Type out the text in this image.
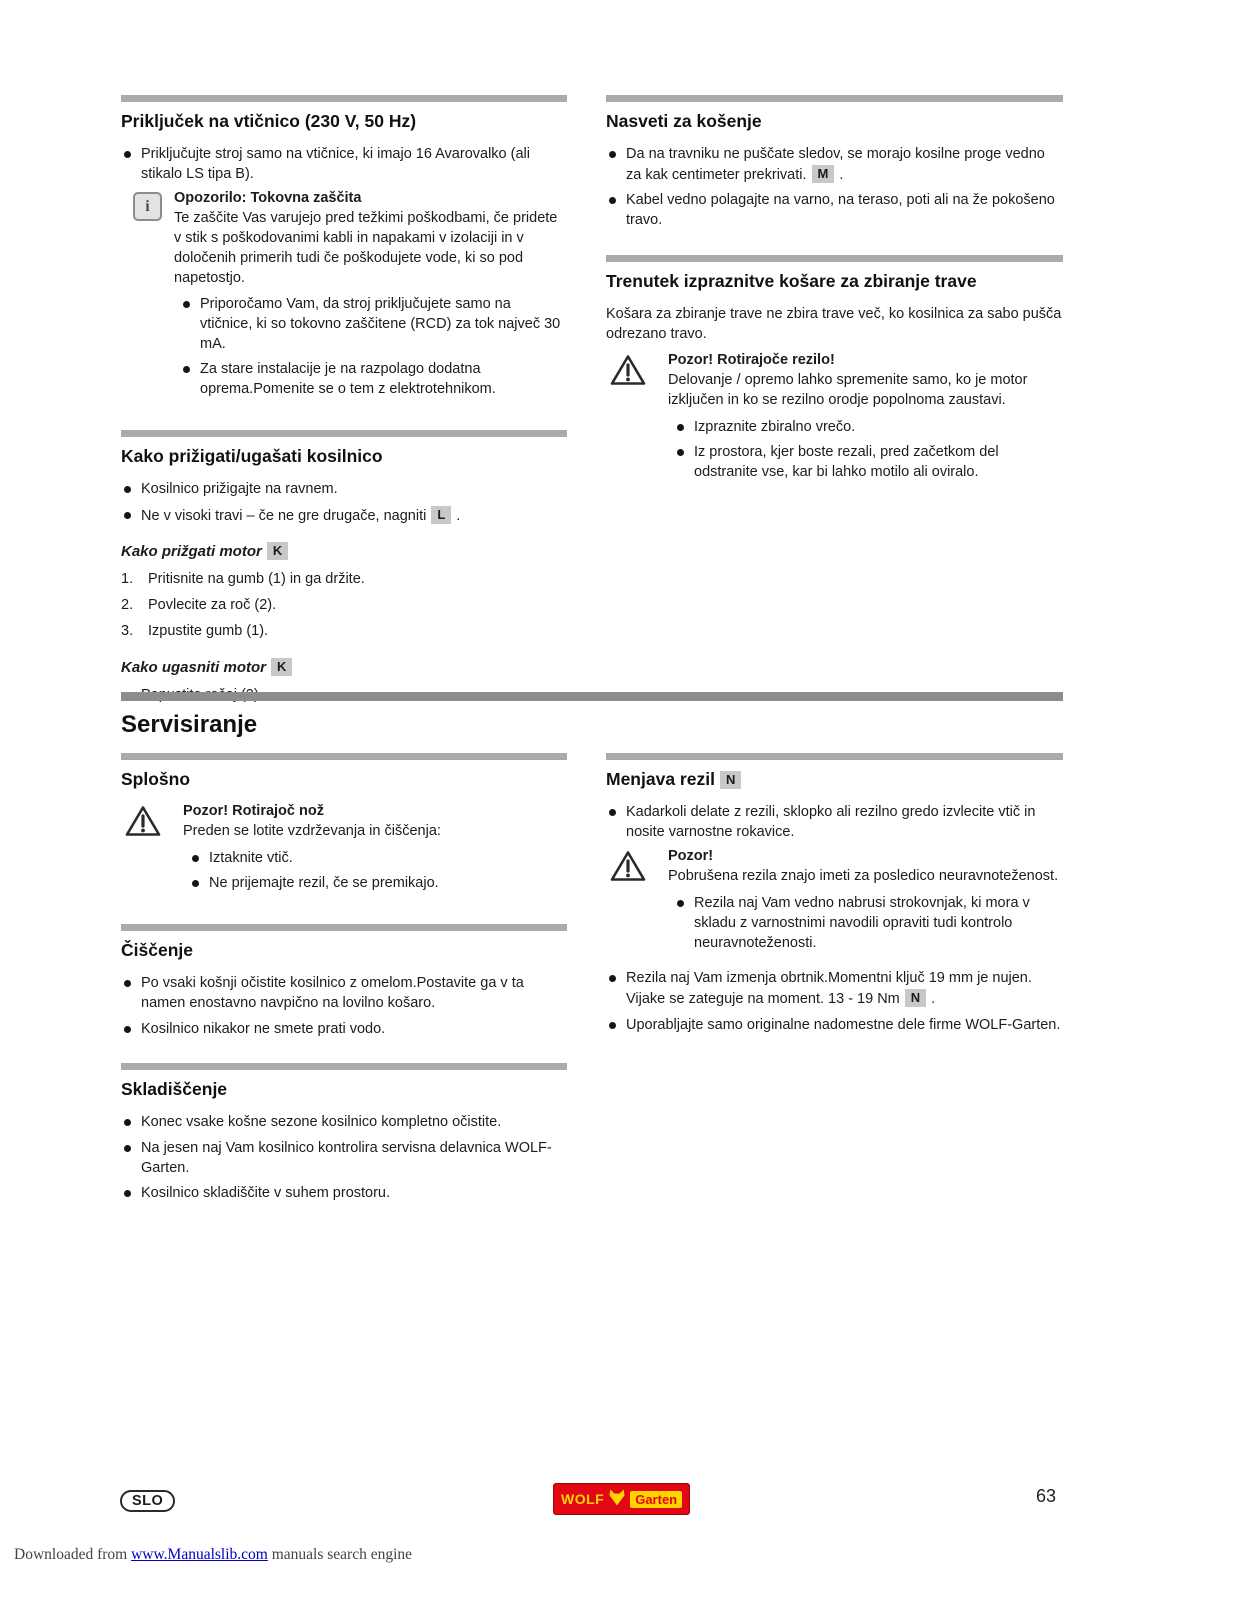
Priključek na vtičnico (230 V, 50 Hz)
Priključujte stroj samo na vtičnice, ki imajo 16 Avarovalko (ali stikalo LS tipa B).
i	Opozorilo: Tokovna zaščita
Te zaščite Vas varujejo pred težkimi poškodbami, če pridete v stik s poškodovanimi kabli in napakami v izolaciji in v določenih primerih tudi če poškodujete vode, ki so pod napetostjo.
Priporočamo Vam, da stroj priključujete samo na vtičnice, ki so tokovno zaščitene (RCD) za tok največ 30 mA.
Za stare instalacije je na razpolago dodatna oprema.Pomenite se o tem z elektrotehnikom.
Kako prižigati/ugašati kosilnico
Kosilnico prižigajte na ravnem.
Ne v visoki travi – če ne gre drugače, nagniti L .
Kako prižgati motor K
1.	Pritisnite na gumb (1) in ga držite.
2.	Povlecite za roč (2).
3.	Izpustite gumb (1).
Kako ugasniti motor K
Nasveti za košenje
Da na travniku ne puščate sledov, se morajo kosilne proge vedno za kak centimeter prekrivati. M .
Kabel vedno polagajte na varno, na teraso, poti ali na že pokošeno travo.
Trenutek izpraznitve košare za zbiranje trave

Košara za zbiranje trave ne zbira trave več, ko kosilnica za sabo pušča odrezano travo.

Pozor! Rotirajoče rezilo!
Delovanje / opremo lahko spremenite samo, ko je motor izključen in ko se rezilno orodje popolnoma zaustavi.
Izpraznite zbiralno vrečo.
Iz prostora, kjer boste rezali, pred začetkom del odstranite vse, kar bi lahko motilo ali oviralo.
Servisiranje
Splošno
Pozor! Rotirajoč nož
Preden se lotite vzdrževanja in čiščenja:
Iztaknite vtič.
Ne prijemajte rezil, če se premikajo.
Čiščenje
Po vsaki košnji očistite kosilnico z omelom.Postavite ga v ta namen enostavno navpično na lovilno košaro.
Kosilnico nikakor ne smete prati vodo.
Skladiščenje
Konec vsake košne sezone kosilnico kompletno očistite.
Na jesen naj Vam kosilnico kontrolira servisna delavnica WOLF-Garten.
Kosilnico skladiščite v suhem prostoru.
Menjava rezil N
Kadarkoli delate z rezili, sklopko ali rezilno gredo izvlecite vtič in nosite varnostne rokavice.
Pozor!
Pobrušena rezila znajo imeti za posledico neuravnoteženost.
Rezila naj Vam vedno nabrusi strokovnjak, ki mora v skladu z varnostnimi navodili opraviti tudi kontrolo neuravnoteženosti.
Rezila naj Vam izmenja obrtnik.Momentni ključ 19 mm je nujen.
Vijake se zateguje na moment. 13 - 19 Nm N .
Uporabljajte samo originalne nadomestne dele firme WOLF-Garten.
SLO	WOLF	Garten	63
Downloaded from www.Manualslib.com manuals search engine
